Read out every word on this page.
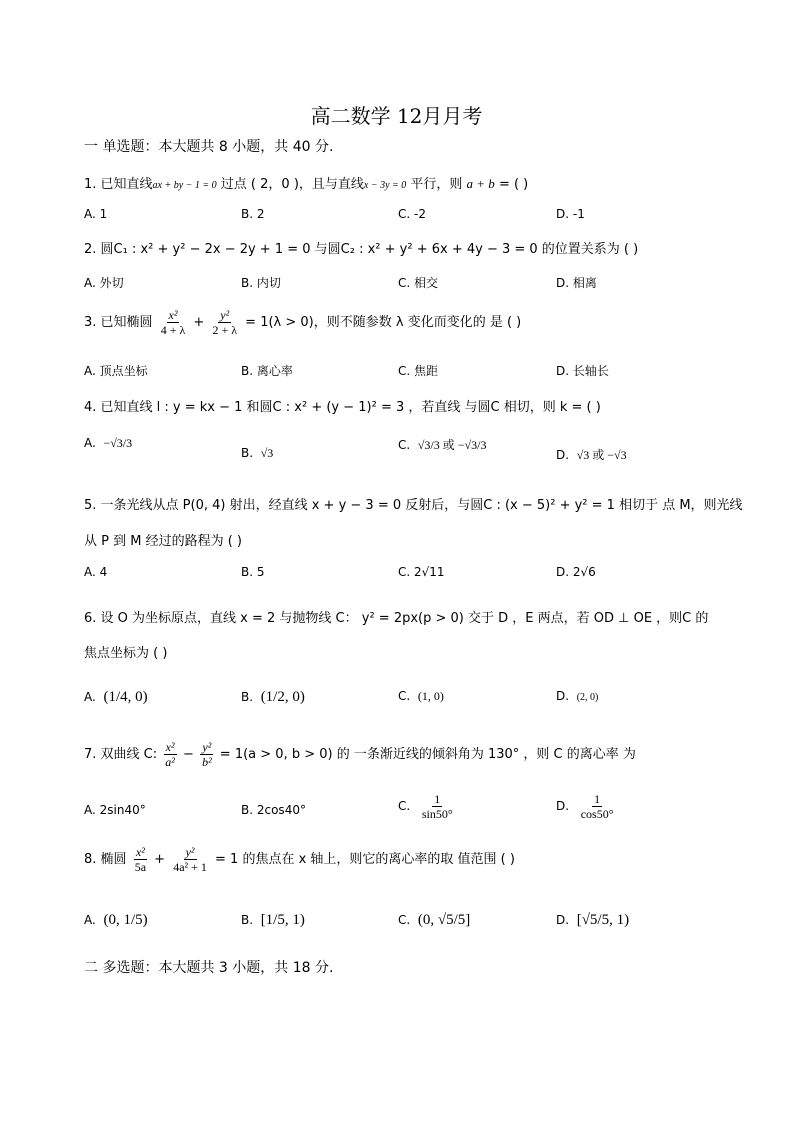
高二数学 12月月考
一 单选题：本大题共 8 小题，共 40 分.
1. 已知直线ax + by − 1 = 0 过点 ( 2，0 )，且与直线x − 3y = 0 平行，则 a + b = ( )
A. 1	B. 2	C. -2	D. -1
2. 圆C₁ : x² + y² − 2x − 2y + 1 = 0 与圆C₂ : x² + y² + 6x + 4y − 3 = 0 的位置关系为 ( )
A. 外切	B. 内切	C. 相交	D. 相离
3. 已知椭圆 $\frac{\text{x²}}{4 + \lambda} + \frac{\text{y²}}{2 + \lambda} = 1(\lambda > 0)$，则不随参数 λ 变化而变化的 是 ( )
A. 顶点坐标	B. 离心率	C. 焦距	D. 长轴长
4. 已知直线 l : y = kx − 1 和圆C : x² + (y − 1)² = 3 ，若直线 与圆C 相切，则 k = ( )
A. −√3/3
B. √3
C. √3/3 或 −√3/3
D. √3 或 −√3
5. 一条光线从点 P(0, 4) 射出，经直线 x + y − 3 = 0 反射后，与圆C : (x − 5)² + y² = 1 相切于 点 M，则光线
从 P 到 M 经过的路程为 ( )
A. 4	B. 5	C. 2√11	D. 2√6
6. 设 O 为坐标原点，直线 x = 2 与抛物线 C： y² = 2px(p > 0) 交于 D ，E 两点，若 OD ⊥ OE ，则C 的
焦点坐标为 ( )
A. (1/4, 0)	B. (1/2, 0)	C. (1, 0)	D. (2, 0)
7. 双曲线 C: $\frac{\text{x²}}{\text{a²}} - \frac{\text{y²}}{\text{b²}} = 1(a > 0$, b > 0) 的 一条渐近线的倾斜角为 130° ，则 C 的离心率 为
A. 2sin40°	B. 2cos40°	C. $\frac{1}{\sin 50^\circ}$	D. $\frac{1}{\cos 50^\circ}$
8. 椭圆 $\frac{\text{x²}}{5a} + \frac{\text{y²}}{\text{4a² + 1}} = 1$ 的焦点在 x 轴上，则它的离心率的取 值范围 ( )
A. (0, 1/5)	B. [1/5, 1)	C. (0, √5/5]	D. [√5/5, 1)
二 多选题：本大题共 3 小题，共 18 分.
